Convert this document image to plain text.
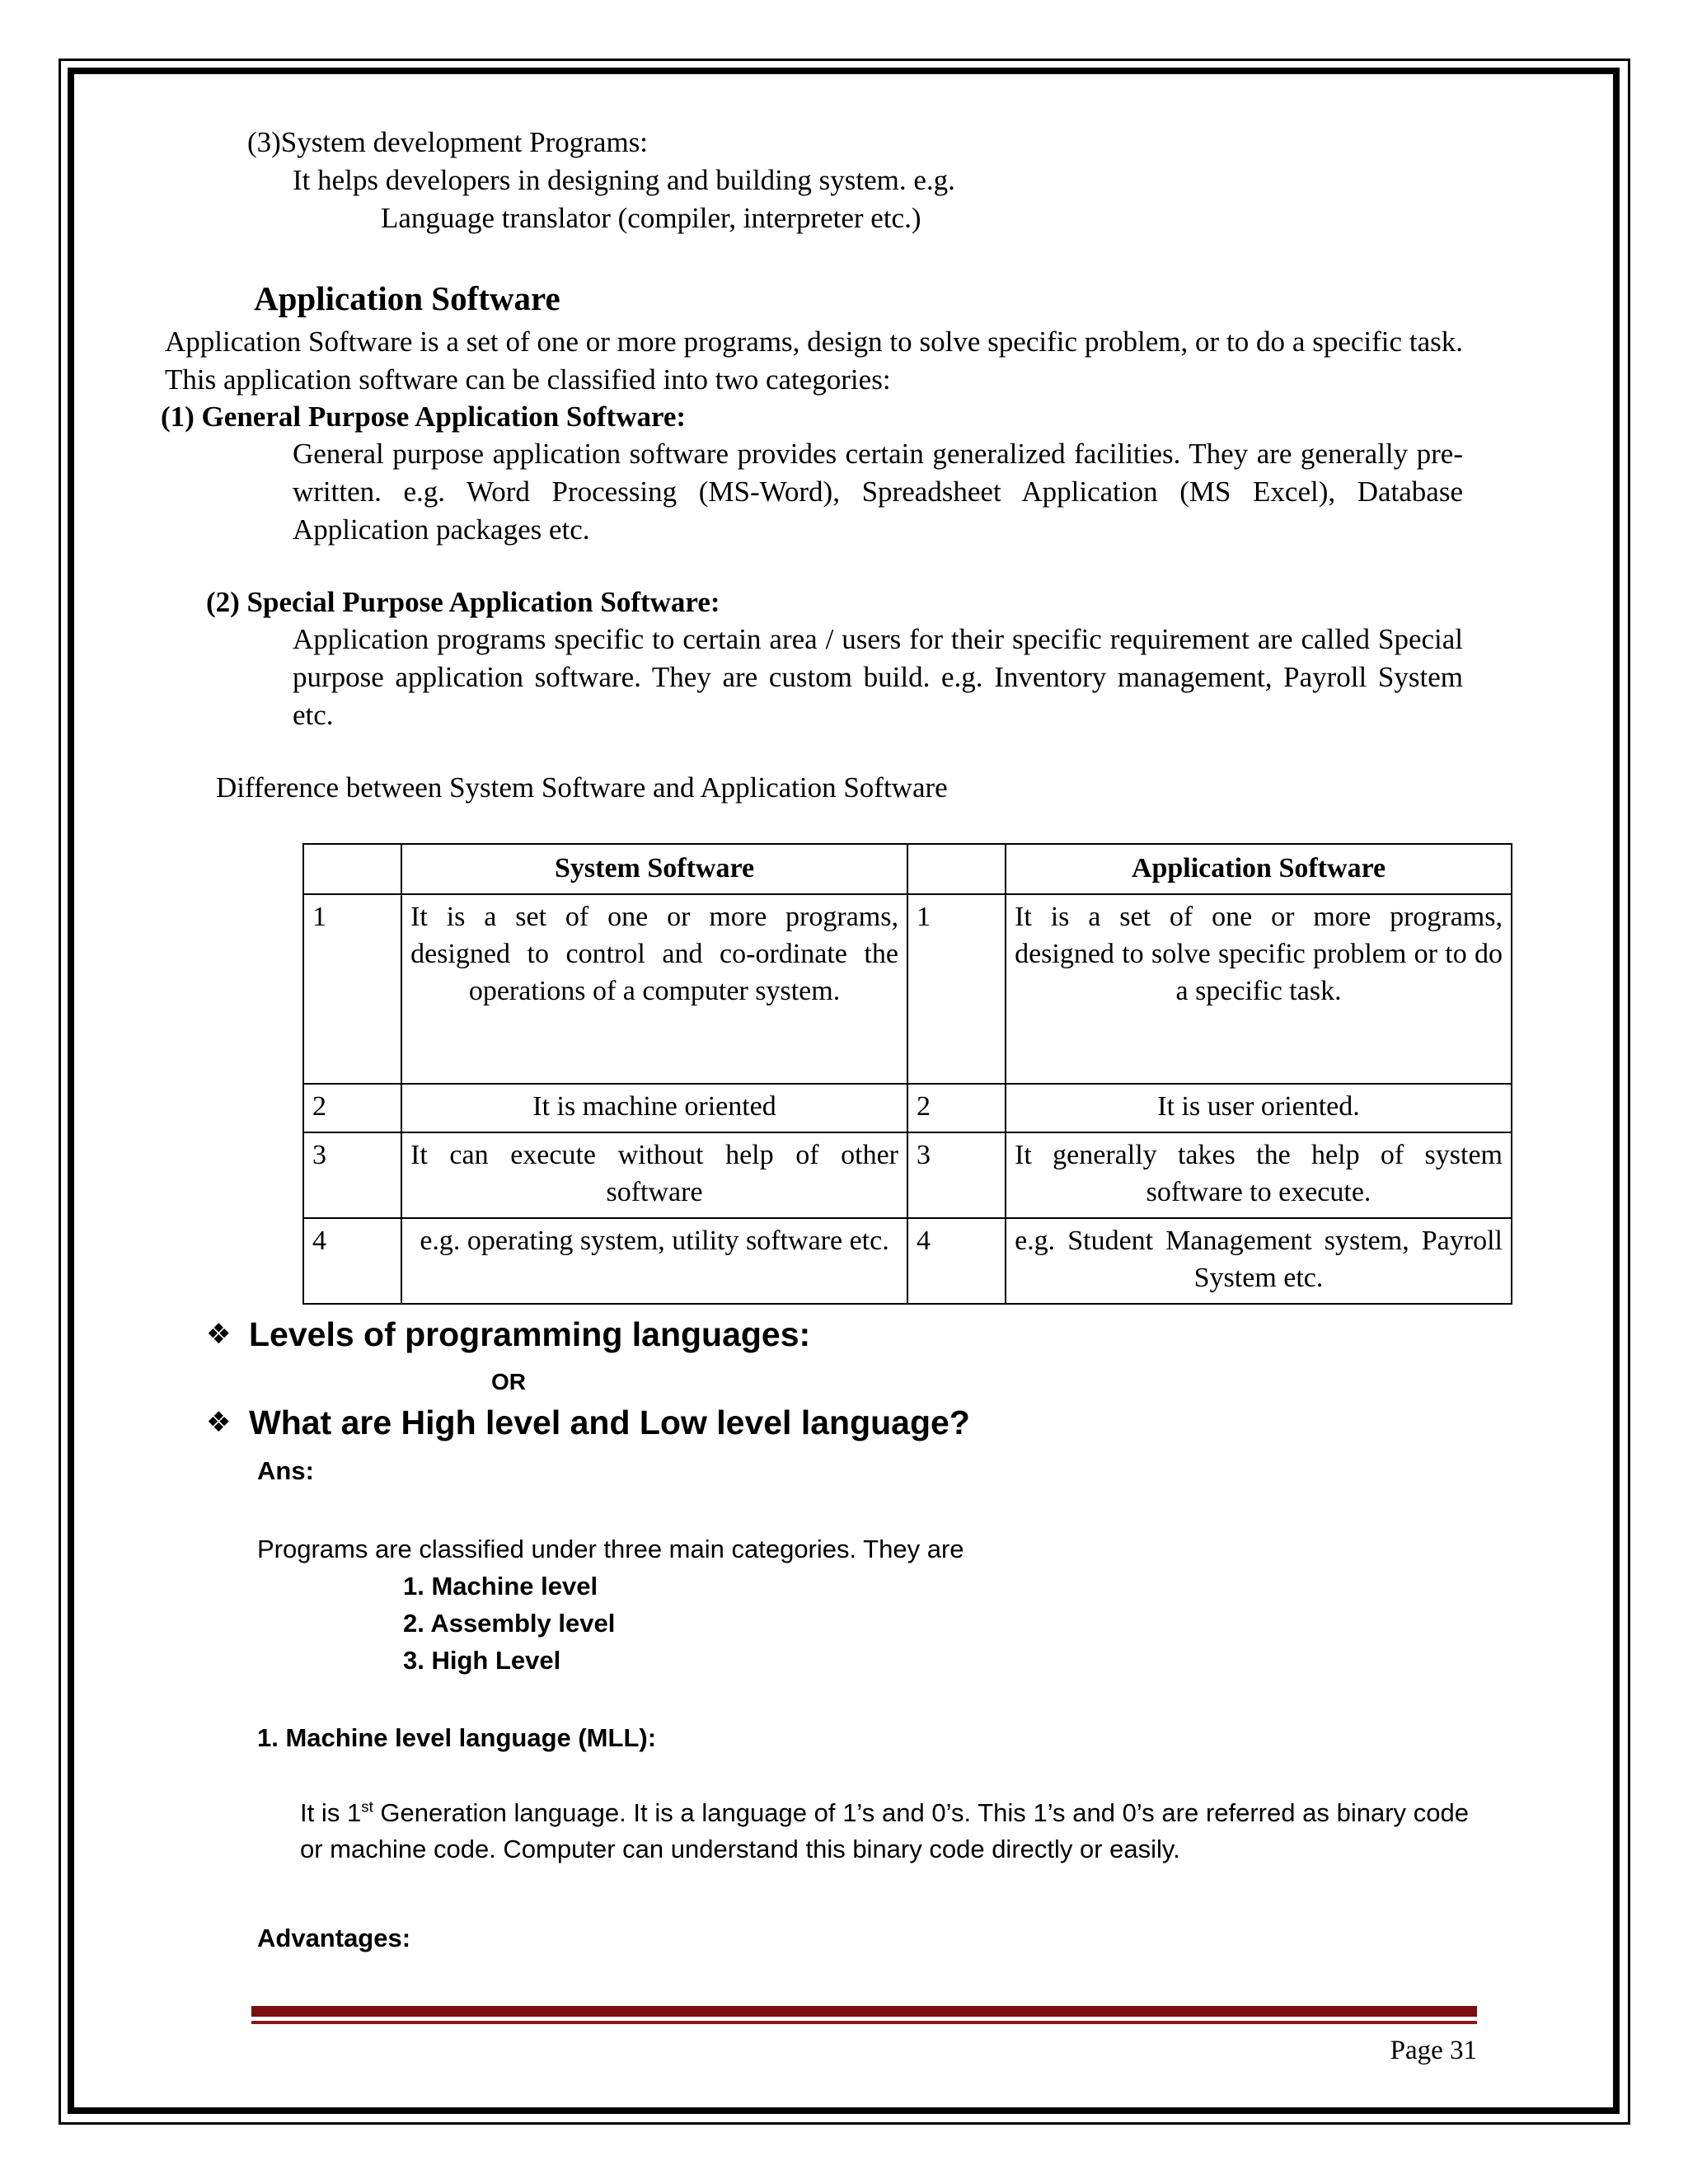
(3)System development Programs:
It helps developers in designing and building system. e.g.
Language translator (compiler, interpreter etc.)
Application Software
Application Software is a set of one or more programs, design to solve specific problem, or to do a specific task. This application software can be classified into two categories:
(1) General Purpose Application Software:
General purpose application software provides certain generalized facilities. They are generally pre-written. e.g. Word Processing (MS-Word), Spreadsheet Application (MS Excel), Database Application packages etc.
(2) Special Purpose Application Software:
Application programs specific to certain area / users for their specific requirement are called Special purpose application software. They are custom build. e.g. Inventory management, Payroll System etc.
Difference between System Software and Application Software
	System Software		Application Software
1	It is a set of one or more programs, designed to control and co-ordinate the operations of a computer system.	1	It is a set of one or more programs, designed to solve specific problem or to do a specific task.
2	It is machine oriented	2	It is user oriented.
3	It can execute without help of other software	3	It generally takes the help of system software to execute.
4	e.g. operating system, utility software etc.	4	e.g. Student Management system, Payroll System etc.
❖ Levels of programming languages:
OR
❖ What are High level and Low level language?
Ans:
Programs are classified under three main categories. They are
1. Machine level
2. Assembly level
3. High Level
1. Machine level language (MLL):
It is 1st Generation language. It is a language of 1’s and 0’s. This 1’s and 0’s are referred as binary code or machine code. Computer can understand this binary code directly or easily.
Advantages:
Page 31
